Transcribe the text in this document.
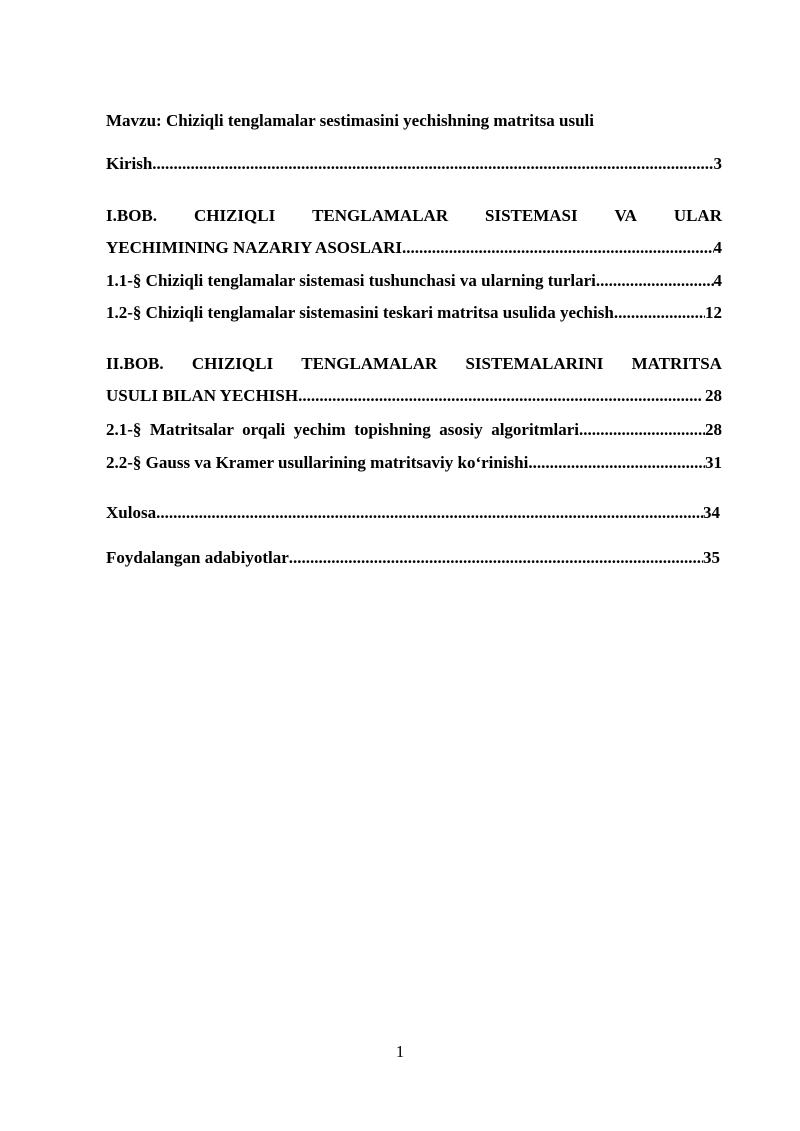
Mavzu: Chiziqli tenglamalar sestimasini yechishning matritsa usuli
Kirish .....	3
I.BOB. CHIZIQLI TENGLAMALAR SISTEMASI VA ULAR
YECHIMINING NAZARIY ASOSLARI .....	4
1.1-§ Chiziqli tenglamalar sistemasi tushunchasi va ularning turlari .....	4
1.2-§ Chiziqli tenglamalar sistemasini teskari matritsa usulida yechish .....	12
II.BOB. CHIZIQLI TENGLAMALAR SISTEMALARINI MATRITSA
USULI BILAN YECHISH .....	28
2.1-§  Matritsalar  orqali  yechim  topishning  asosiy  algoritmlari .....	28
2.2-§ Gauss va Kramer usullarining matritsaviy ko‘rinishi .....	31
Xulosa .....	34
Foydalangan adabiyotlar .....	35
1
